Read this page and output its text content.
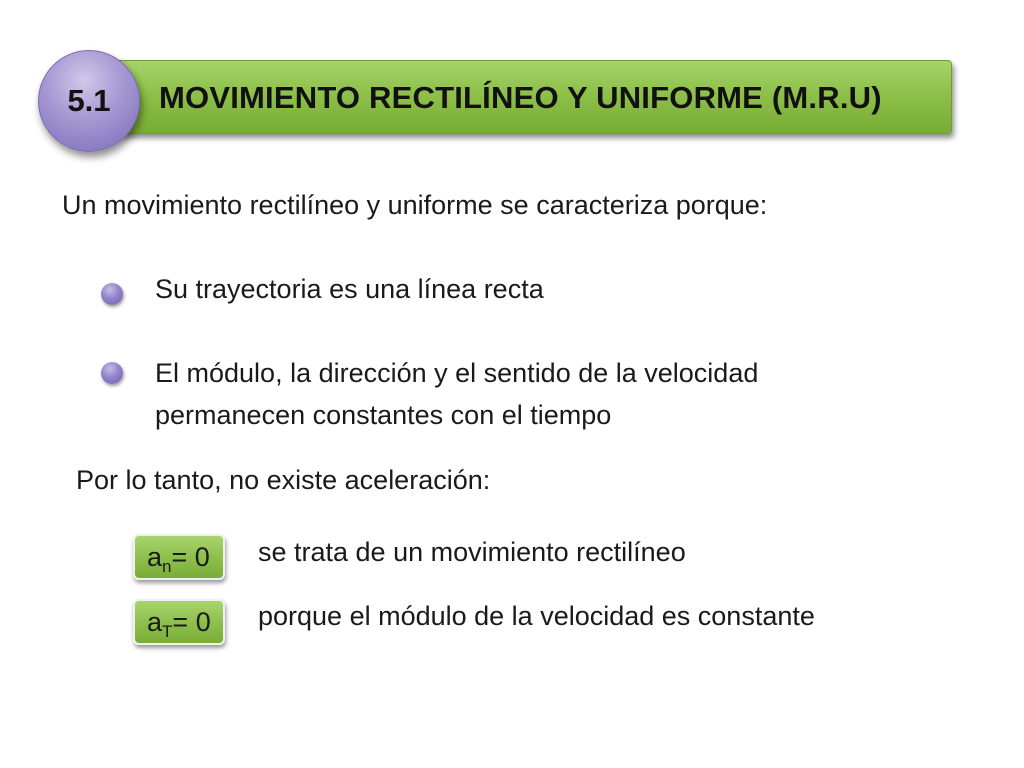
MOVIMIENTO RECTILÍNEO Y UNIFORME (M.R.U)
5.1
Un movimiento rectilíneo y uniforme se caracteriza porque:
Su trayectoria es una línea recta
El módulo, la dirección y el sentido de la velocidad
permanecen constantes con el tiempo
Por lo tanto, no existe aceleración:
$a_n= 0$ se trata de un movimiento rectilíneo
$a_T= 0$ porque el módulo de la velocidad es constante
